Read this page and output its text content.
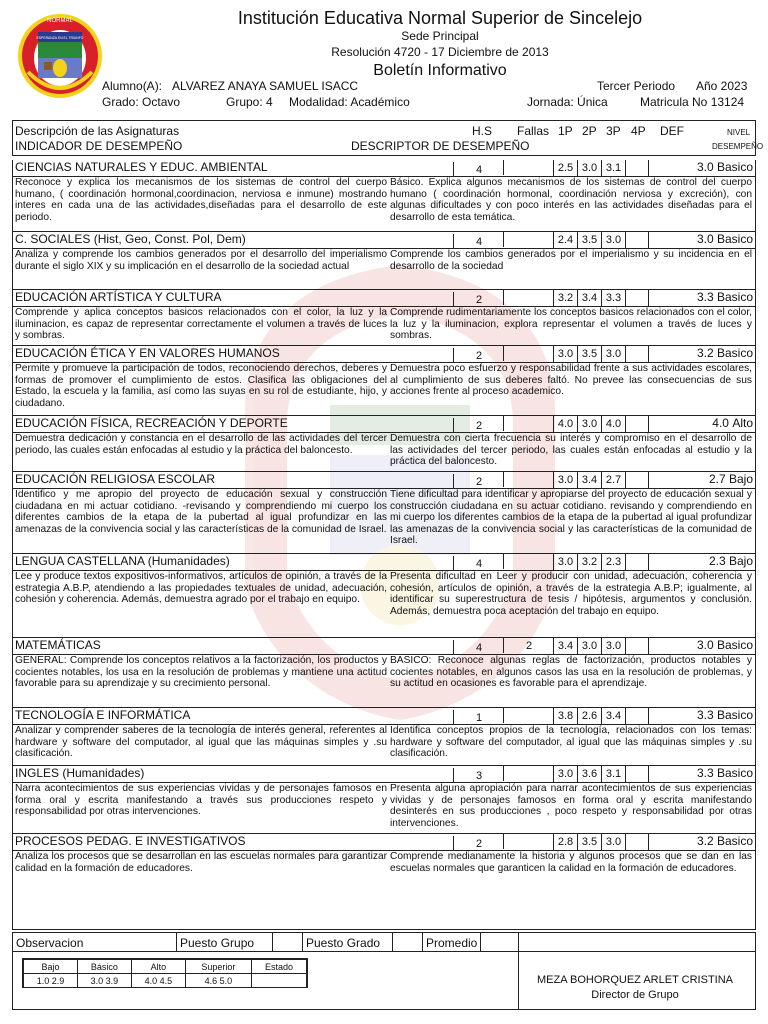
NORMAL
ESPERANZA EN EL TRIUNFO
Institución Educativa Normal Superior de Sincelejo
Sede Principal
Resolución 4720 - 17 Diciembre de 2013
Boletín Informativo
Alumno(A): ALVAREZ ANAYA SAMUEL ISACC	Tercer Periodo Año 2023
Grado: Octavo	Grupo: 4 Modalidad: Académico	Jornada: Única	Matricula No 13124
Descripción de las Asignaturas
INDICADOR DE DESEMPEÑO	DESCRIPTOR DE DESEMPEÑO
H.S Fallas 1P 2P 3P 4P DEF	NIVEL
DESEMPEÑO
CIENCIAS NATURALES Y EDUC. AMBIENTAL	4	2.5 3.0 3.1	3.0 Basico
Reconoce y explica los mecanismos de los sistemas de control del cuerpo humano, ( coordinación hormonal,coordinacion, nerviosa e inmune) mostrando interes en cada una de las actividades,diseñadas para el desarrollo de este periodo.
Básico. Explica algunos mecanismos de los sistemas de control del cuerpo humano ( coordinación hormonal, coordinación nerviosa y excreción), con algunas dificultades y con poco interés en las actividades diseñadas para el desarrollo de esta temática.
C. SOCIALES (Hist, Geo, Const. Pol, Dem)	4	2.4 3.5 3.0	3.0 Basico
Analiza y comprende los cambios generados por el desarrollo del imperialismo durante el siglo XIX y su implicación en el desarrollo de la sociedad actual
Comprende los cambios generados por el imperialismo y su incidencia en el desarrollo de la sociedad
EDUCACIÓN ARTÍSTICA Y CULTURA	2	3.2 3.4 3.3	3.3 Basico
Comprende y aplica conceptos basicos relacionados con el color, la luz y la iluminacion, es capaz de representar correctamente el volumen a través de luces y sombras.
Comprende rudimentariamente los conceptos basicos relacionados con el color, la luz y la iluminacion, explora representar el volumen a través de luces y sombras.
EDUCACIÓN ÉTICA Y EN VALORES HUMANOS	2	3.0 3.5 3.0	3.2 Basico
Permite y promueve la participación de todos, reconociendo derechos, deberes y formas de promover el cumplimiento de estos. Clasifica las obligaciones del Estado, la escuela y la familia, así como las suyas en su rol de estudiante, hijo, y ciudadano.
Demuestra poco esfuerzo y responsabilidad frente a sus actividades escolares, al cumplimiento de sus deberes faltó. No prevee las consecuencias de sus acciones frente al proceso academico.
EDUCACIÓN FÍSICA, RECREACIÓN Y DEPORTE	2	4.0 3.0 4.0	4.0 Alto
Demuestra dedicación y constancia en el desarrollo de las actividades del tercer periodo, las cuales están enfocadas al estudio y la práctica del baloncesto.
Demuestra con cierta frecuencia su interés y compromiso en el desarrollo de las actividades del tercer periodo, las cuales están enfocadas al estudio y la práctica del baloncesto.
EDUCACIÓN RELIGIOSA ESCOLAR	2	3.0 3.4 2.7	2.7 Bajo
Identifico y me apropio del proyecto de educación sexual y construcción ciudadana en mi actuar cotidiano. -revisando y comprendiendo mi cuerpo los diferentes cambios de la etapa de la pubertad al igual profundizar en las amenazas de la convivencia social y las características de la comunidad de Israel.
Tiene dificultad para identificar y apropiarse del proyecto de educación sexual y construcción ciudadana en su actuar cotidiano. revisando y comprendiendo en mi cuerpo los diferentes cambios de la etapa de la pubertad al igual profundizar las amenazas de la convivencia social y las características de la comunidad de Israel.
LENGUA CASTELLANA (Humanidades)	4	3.0 3.2 2.3	2.3 Bajo
Lee y produce textos expositivos-informativos, artículos de opinión, a través de la estrategia A.B.P, atendiendo a las propiedades textuales de unidad, adecuación, cohesión y coherencia. Además, demuestra agrado por el trabajo en equipo.
Presenta dificultad en Leer y producir con unidad, adecuación, coherencia y cohesión, artículos de opinión, a través de la estrategia A.B.P; igualmente, al identificar su superestructura de tesis / hipótesis, argumentos y conclusión. Además, demuestra poca aceptación del trabajo en equipo.
MATEMÁTICAS	4	2	3.4 3.0 3.0	3.0 Basico
GENERAL: Comprende los conceptos relativos a la factorización, los productos y cocientes notables, los usa en la resolución de problemas y mantiene una actitud favorable para su aprendizaje y su crecimiento personal.
BASICO: Reconoce algunas reglas de factorización, productos notables y cocientes notables, en algunos casos las usa en la resolución de problemas, y su actitud en ocasiones es favorable para el aprendizaje.
TECNOLOGÍA E INFORMÁTICA	1	3.8 2.6 3.4	3.3 Basico
Analizar y comprender saberes de la tecnología de interés general, referentes al hardware y software del computador, al igual que las máquinas simples y .su clasificación.
Identifica conceptos propios de la tecnología, relacionados con los temas: hardware y software del computador, al igual que las máquinas simples y .su clasificación.
INGLES (Humanidades)	3	3.0 3.6 3.1	3.3 Basico
Narra acontecimientos de sus experiencias vividas y de personajes famosos en forma oral y escrita manifestando a través sus producciones respeto y responsabilidad por otras intervenciones.
Presenta alguna apropiación para narrar acontecimientos de sus experiencias vividas y de personajes famosos en forma oral y escrita manifestando desinterés en sus producciones , poco respeto y responsabilidad por otras intervenciones.
PROCESOS PEDAG. E INVESTIGATIVOS	2	2.8 3.5 3.0	3.2 Basico
Analiza los procesos que se desarrollan en las escuelas normales para garantizar calidad en la formación de educadores.
Comprende medianamente la historia y algunos procesos que se dan en las escuelas normales que garanticen la calidad en la formación de educadores.
Observacion	Puesto Grupo	Puesto Grado	Promedio
Bajo	Básico	Alto	Superior	Estado
1.0 2.9	3.0 3.9	4.0 4.5	4.6 5.0		MEZA BOHORQUEZ ARLET CRISTINA
Director de Grupo
